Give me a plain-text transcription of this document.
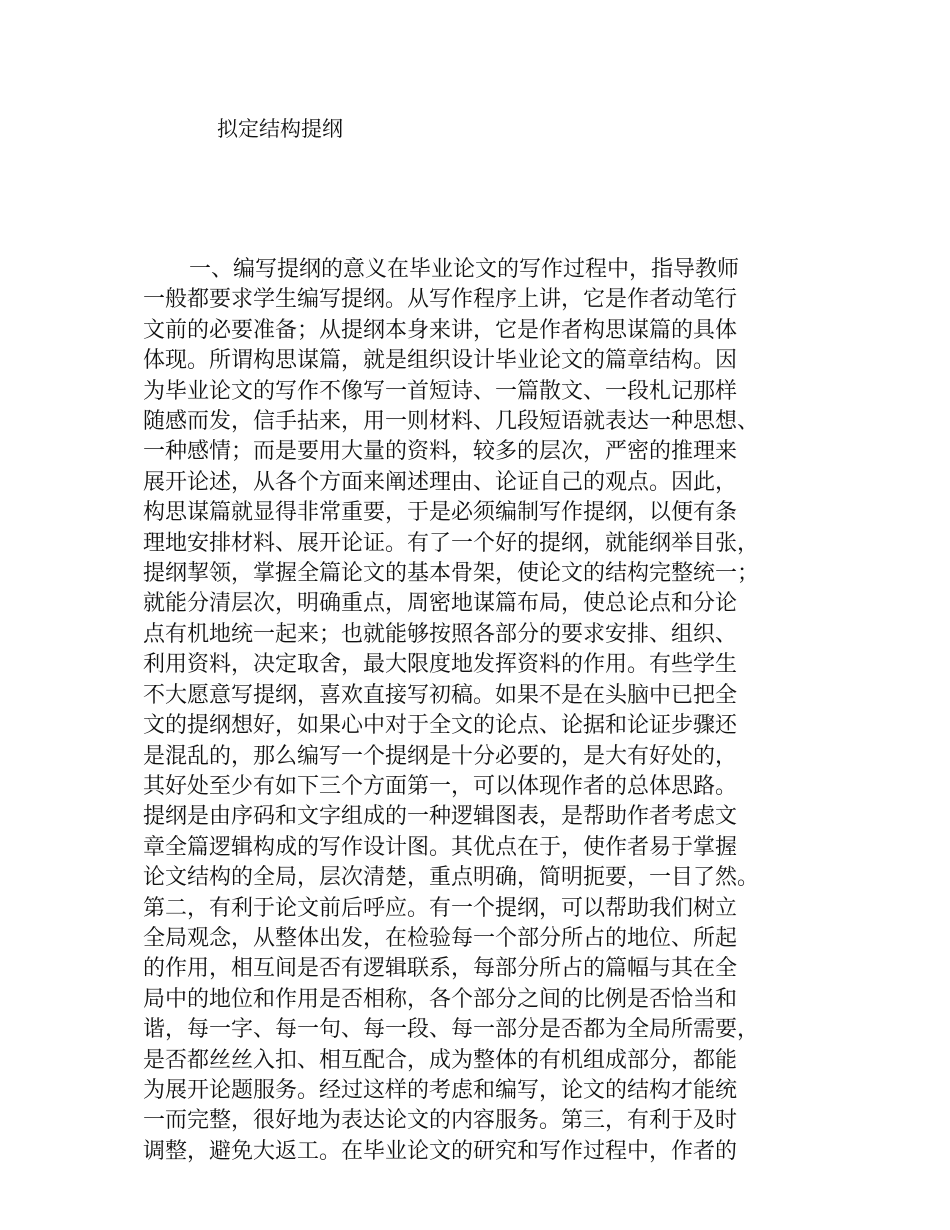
拟定结构提纲
一、编写提纲的意义在毕业论文的写作过程中，指导教师
一般都要求学生编写提纲。从写作程序上讲，它是作者动笔行
文前的必要准备；从提纲本身来讲，它是作者构思谋篇的具体
体现。所谓构思谋篇，就是组织设计毕业论文的篇章结构。因
为毕业论文的写作不像写一首短诗、一篇散文、一段札记那样
随感而发，信手拈来，用一则材料、几段短语就表达一种思想、
一种感情；而是要用大量的资料，较多的层次，严密的推理来
展开论述，从各个方面来阐述理由、论证自己的观点。因此，
构思谋篇就显得非常重要，于是必须编制写作提纲，以便有条
理地安排材料、展开论证。有了一个好的提纲，就能纲举目张，
提纲挈领，掌握全篇论文的基本骨架，使论文的结构完整统一；
就能分清层次，明确重点，周密地谋篇布局，使总论点和分论
点有机地统一起来；也就能够按照各部分的要求安排、组织、
利用资料，决定取舍，最大限度地发挥资料的作用。有些学生
不大愿意写提纲，喜欢直接写初稿。如果不是在头脑中已把全
文的提纲想好，如果心中对于全文的论点、论据和论证步骤还
是混乱的，那么编写一个提纲是十分必要的，是大有好处的，
其好处至少有如下三个方面第一，可以体现作者的总体思路。
提纲是由序码和文字组成的一种逻辑图表，是帮助作者考虑文
章全篇逻辑构成的写作设计图。其优点在于，使作者易于掌握
论文结构的全局，层次清楚，重点明确，简明扼要，一目了然。
第二，有利于论文前后呼应。有一个提纲，可以帮助我们树立
全局观念，从整体出发，在检验每一个部分所占的地位、所起
的作用，相互间是否有逻辑联系，每部分所占的篇幅与其在全
局中的地位和作用是否相称，各个部分之间的比例是否恰当和
谐，每一字、每一句、每一段、每一部分是否都为全局所需要，
是否都丝丝入扣、相互配合，成为整体的有机组成部分，都能
为展开论题服务。经过这样的考虑和编写，论文的结构才能统
一而完整，很好地为表达论文的内容服务。第三，有利于及时
调整，避免大返工。在毕业论文的研究和写作过程中，作者的
